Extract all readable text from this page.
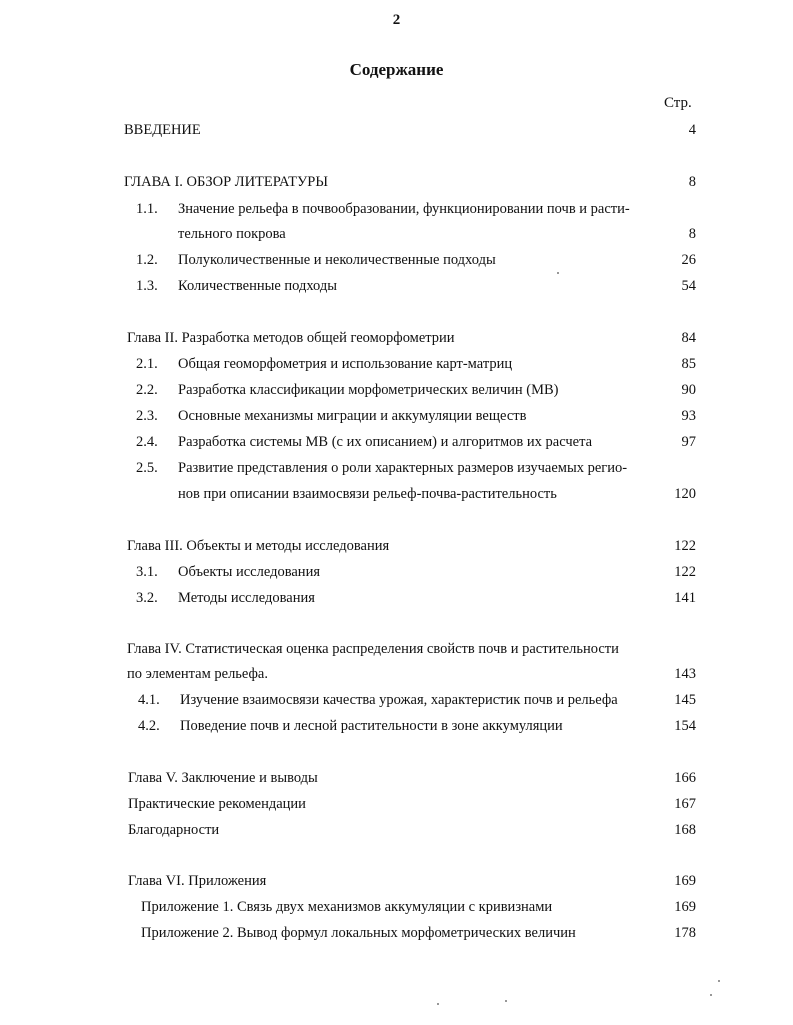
2
Содержание
Стр.
ВВЕДЕНИЕ	4
ГЛАВА I. ОБЗОР ЛИТЕРАТУРЫ	8
1.1. Значение рельефа в почвообразовании, функционировании почв и расти-
тельного покрова	8
1.2. Полуколичественные и неколичественные подходы	26
1.3. Количественные подходы	54
Глава II. Разработка методов общей геоморфометрии	84
2.1. Общая геоморфометрия и использование карт-матриц	85
2.2. Разработка классификации морфометрических величин (МВ)	90
2.3. Основные механизмы миграции и аккумуляции веществ	93
2.4. Разработка системы МВ (с их описанием) и алгоритмов их расчета	97
2.5. Развитие представления о роли характерных размеров изучаемых регио-
нов при описании взаимосвязи рельеф-почва-растительность	120
Глава III. Объекты и методы исследования	122
3.1. Объекты исследования	122
3.2. Методы исследования	141
Глава IV. Статистическая оценка распределения свойств почв и растительности
по элементам рельефа.	143
4.1. Изучение взаимосвязи качества урожая, характеристик почв и рельефа	145
4.2. Поведение почв и лесной растительности в зоне аккумуляции	154
Глава V. Заключение и выводы	166
Практические рекомендации	167
Благодарности	168
Глава VI. Приложения	169
Приложение 1. Связь двух механизмов аккумуляции с кривизнами	169
Приложение 2. Вывод формул локальных морфометрических величин	178
